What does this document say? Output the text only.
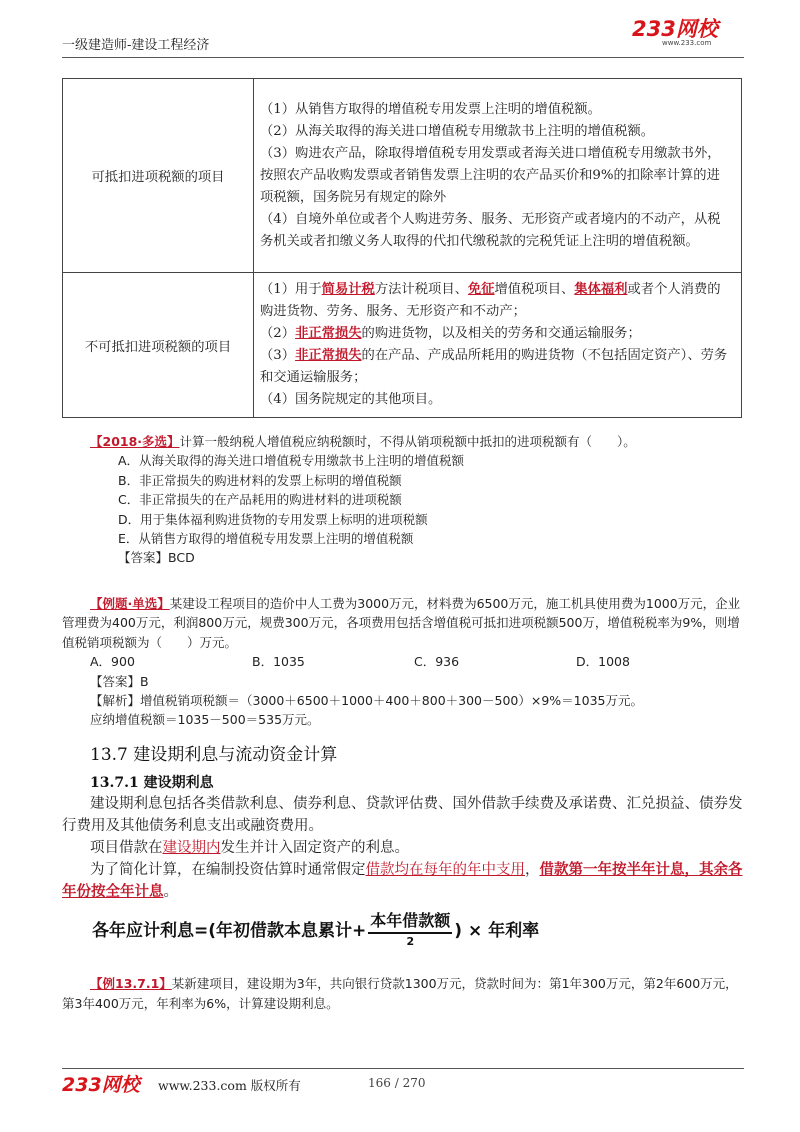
一级建造师-建设工程经济
233网校
www.233.com
可抵扣进项税额的项目	（1）从销售方取得的增值税专用发票上注明的增值税额。
（2）从海关取得的海关进口增值税专用缴款书上注明的增值税额。
（3）购进农产品，除取得增值税专用发票或者海关进口增值税专用缴款书外，按照农产品收购发票或者销售发票上注明的农产品买价和9%的扣除率计算的进项税额，国务院另有规定的除外
（4）自境外单位或者个人购进劳务、服务、无形资产或者境内的不动产，从税务机关或者扣缴义务人取得的代扣代缴税款的完税凭证上注明的增值税额。

不可抵扣进项税额的项目	（1）用于简易计税方法计税项目、免征增值税项目、集体福利或者个人消费的购进货物、劳务、服务、无形资产和不动产；
（2）非正常损失的购进货物，以及相关的劳务和交通运输服务；
（3）非正常损失的在产品、产成品所耗用的购进货物（不包括固定资产）、劳务和交通运输服务；
（4）国务院规定的其他项目。
【2018·多选】计算一般纳税人增值税应纳税额时，不得从销项税额中抵扣的进项税额有（　　）。
A．从海关取得的海关进口增值税专用缴款书上注明的增值税额
B．非正常损失的购进材料的发票上标明的增值税额
C．非正常损失的在产品耗用的购进材料的进项税额
D．用于集体福利购进货物的专用发票上标明的进项税额
E．从销售方取得的增值税专用发票上注明的增值税额
【答案】BCD
【例题·单选】某建设工程项目的造价中人工费为3000万元，材料费为6500万元，施工机具使用费为1000万元，企业管理费为400万元，利润800万元，规费300万元，各项费用包括含增值税可抵扣进项税额500万，增值税税率为9%，则增值税销项税额为（　　）万元。
A．900	B．1035	C．936	D．1008
【答案】B
【解析】增值税销项税额＝（3000＋6500＋1000＋400＋800＋300－500）×9%＝1035万元。
应纳增值税额＝1035－500＝535万元。
13.7 建设期利息与流动资金计算
13.7.1 建设期利息
建设期利息包括各类借款利息、债券利息、贷款评估费、国外借款手续费及承诺费、汇兑损益、债券发行费用及其他债务利息支出或融资费用。
项目借款在建设期内发生并计入固定资产的利息。
为了简化计算，在编制投资估算时通常假定借款均在每年的年中支用，借款第一年按半年计息，其余各年份按全年计息。
各年应计利息=(年初借款本息累计+ $\frac{\text{本年借款额}}{2}$ ) × 年利率
【例13.7.1】某新建项目，建设期为3年，共向银行贷款1300万元，贷款时间为：第1年300万元，第2年600万元，第3年400万元，年利率为6%，计算建设期利息。
233网校 www.233.com 版权所有	166 / 270
